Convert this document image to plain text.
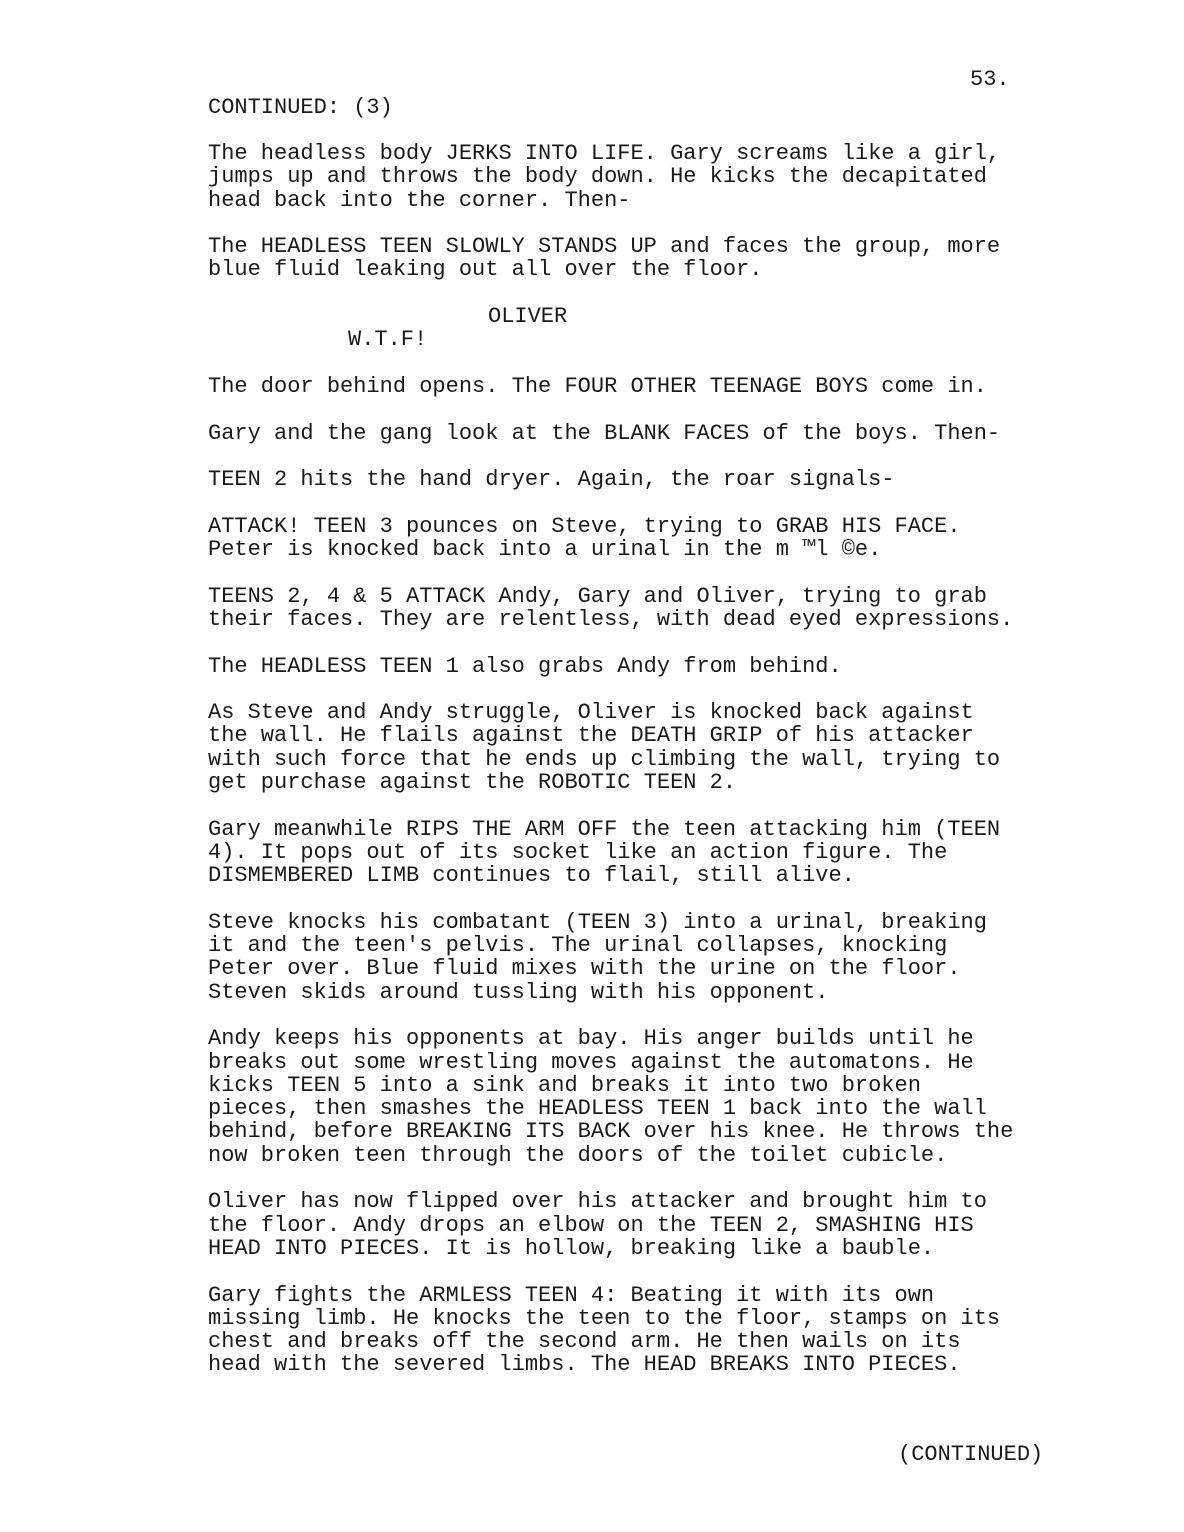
53.
CONTINUED: (3)

The headless body JERKS INTO LIFE. Gary screams like a girl,
jumps up and throws the body down. He kicks the decapitated
head back into the corner. Then-

The HEADLESS TEEN SLOWLY STANDS UP and faces the group, more
blue fluid leaking out all over the floor.

OLIVER
W.T.F!

The door behind opens. The FOUR OTHER TEENAGE BOYS come in.

Gary and the gang look at the BLANK FACES of the boys. Then-

TEEN 2 hits the hand dryer. Again, the roar signals-

ATTACK! TEEN 3 pounces on Steve, trying to GRAB HIS FACE.
Peter is knocked back into a urinal in the m ™l ©e.

TEENS 2, 4 & 5 ATTACK Andy, Gary and Oliver, trying to grab
their faces. They are relentless, with dead eyed expressions.

The HEADLESS TEEN 1 also grabs Andy from behind.

As Steve and Andy struggle, Oliver is knocked back against
the wall. He flails against the DEATH GRIP of his attacker
with such force that he ends up climbing the wall, trying to
get purchase against the ROBOTIC TEEN 2.

Gary meanwhile RIPS THE ARM OFF the teen attacking him (TEEN
4). It pops out of its socket like an action figure. The
DISMEMBERED LIMB continues to flail, still alive.

Steve knocks his combatant (TEEN 3) into a urinal, breaking
it and the teen's pelvis. The urinal collapses, knocking
Peter over. Blue fluid mixes with the urine on the floor.
Steven skids around tussling with his opponent.

Andy keeps his opponents at bay. His anger builds until he
breaks out some wrestling moves against the automatons. He
kicks TEEN 5 into a sink and breaks it into two broken
pieces, then smashes the HEADLESS TEEN 1 back into the wall
behind, before BREAKING ITS BACK over his knee. He throws the
now broken teen through the doors of the toilet cubicle.

Oliver has now flipped over his attacker and brought him to
the floor. Andy drops an elbow on the TEEN 2, SMASHING HIS
HEAD INTO PIECES. It is hollow, breaking like a bauble.

Gary fights the ARMLESS TEEN 4: Beating it with its own
missing limb. He knocks the teen to the floor, stamps on its
chest and breaks off the second arm. He then wails on its
head with the severed limbs. The HEAD BREAKS INTO PIECES.

(CONTINUED)
